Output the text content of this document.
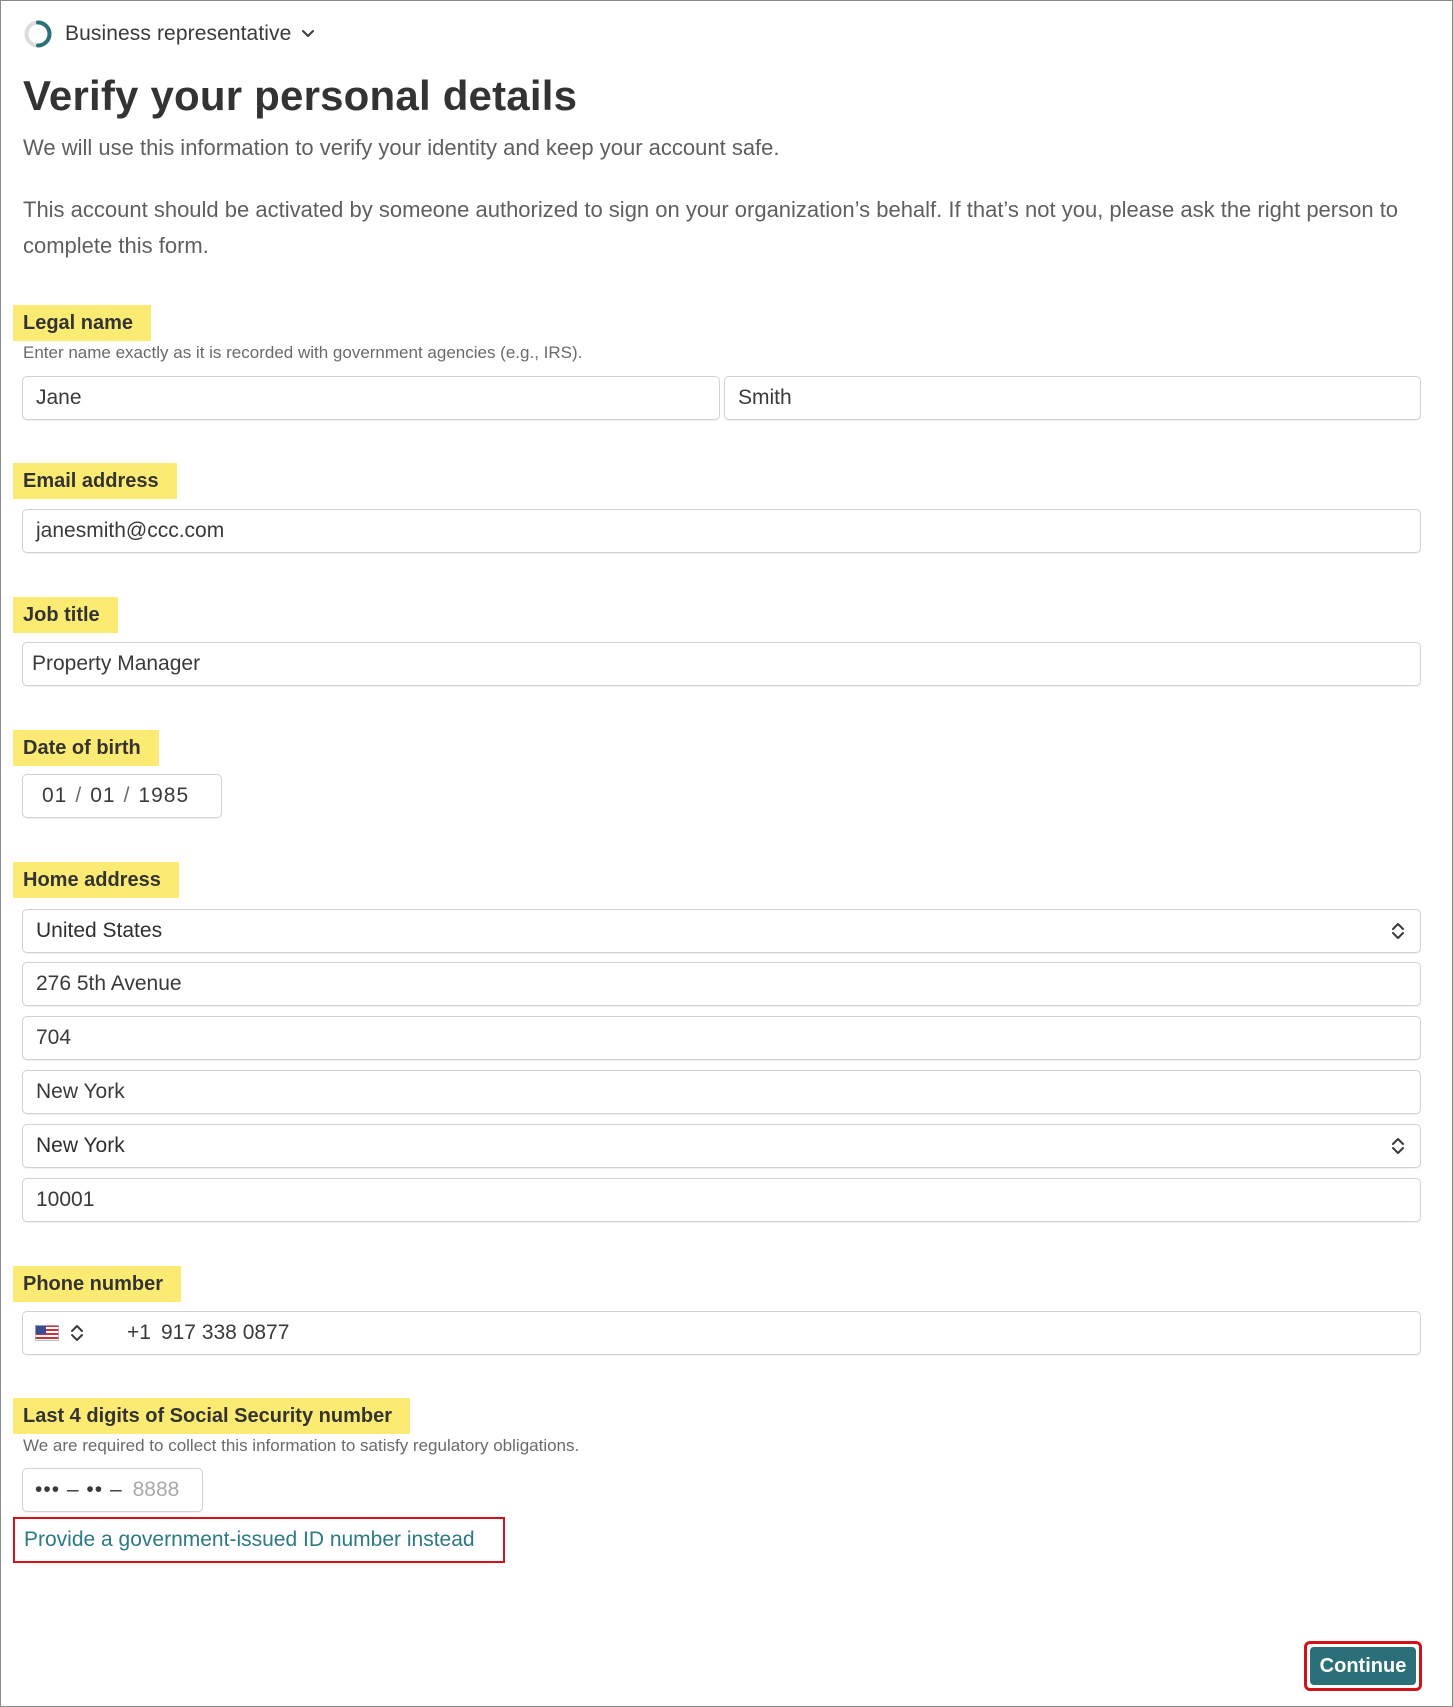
Business representative
Verify your personal details
We will use this information to verify your identity and keep your account safe.
This account should be activated by someone authorized to sign on your organization’s behalf. If that’s not you, please ask the right person to complete this form.
Legal name
Enter name exactly as it is recorded with government agencies (e.g., IRS).
Jane	Smith
Email address
janesmith@ccc.com
Job title
Property Manager
Date of birth
01 / 01 / 1985
Home address
United States
276 5th Avenue
704
New York
New York
10001
Phone number
+1 917 338 0877
Last 4 digits of Social Security number
We are required to collect this information to satisfy regulatory obligations.
••• – •• – 8888
Provide a government-issued ID number instead
Continue
